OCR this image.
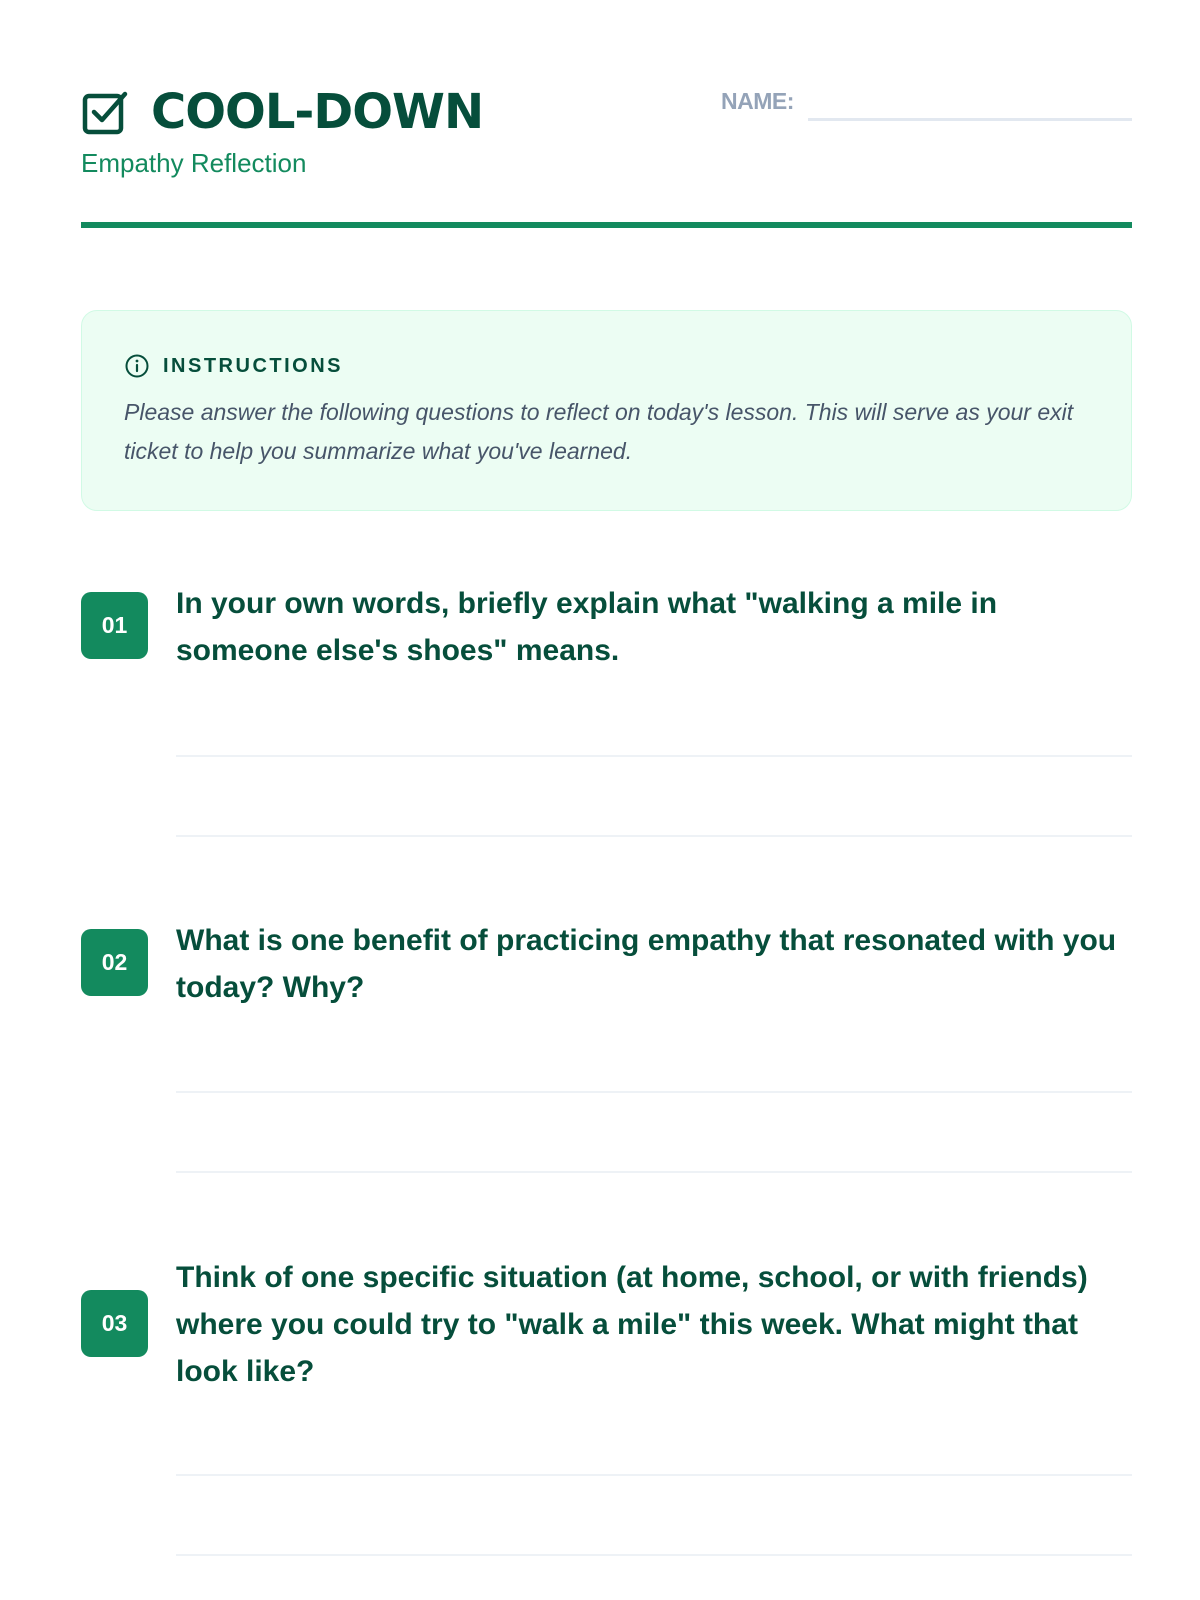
COOL-DOWN
Empathy Reflection
NAME:
INSTRUCTIONS

Please answer the following questions to reflect on today's lesson. This will serve as your exit ticket to help you summarize what you've learned.

01
In your own words, briefly explain what "walking a mile in someone else's shoes" means.
02
What is one benefit of practicing empathy that resonated with you today? Why?
03
Think of one specific situation (at home, school, or with friends) where you could try to "walk a mile" this week. What might that look like?
